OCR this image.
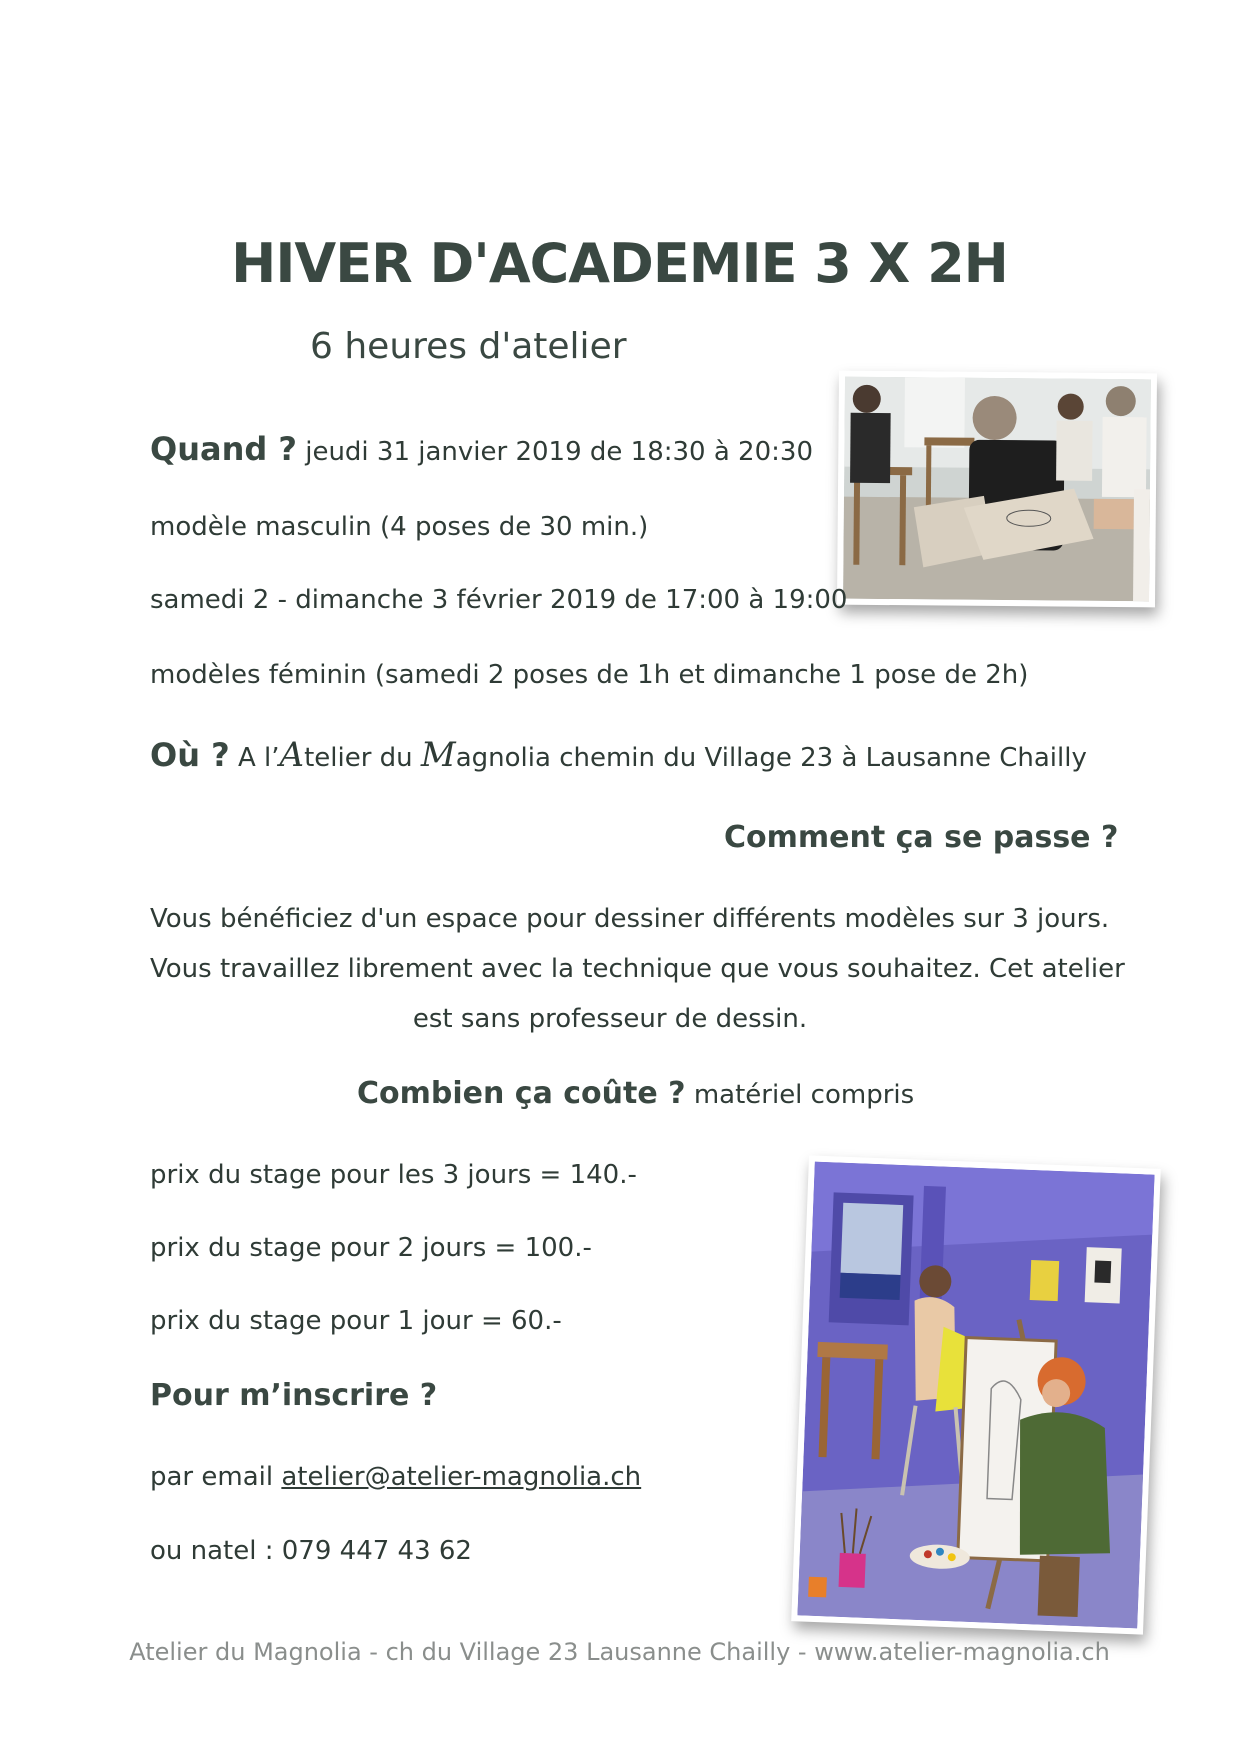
HIVER D'ACADEMIE 3 X 2H
6 heures d'atelier
Quand ? jeudi 31 janvier 2019 de 18:30 à 20:30
modèle masculin (4 poses de 30 min.)
samedi 2 - dimanche 3 février 2019 de 17:00 à 19:00
modèles féminin (samedi 2 poses de 1h et dimanche 1 pose de 2h)
Où ? A l’Atelier du Magnolia chemin du Village 23 à Lausanne Chailly
Comment ça se passe ?
Vous bénéficiez d'un espace pour dessiner différents modèles sur 3 jours.
Vous travaillez librement avec la technique que vous souhaitez. Cet atelier
est sans professeur de dessin.
Combien ça coûte ? matériel compris
prix du stage pour les 3 jours = 140.-
prix du stage pour 2 jours = 100.-
prix du stage pour 1 jour = 60.-
Pour m’inscrire ?
par email atelier@atelier-magnolia.ch
ou natel : 079 447 43 62
Atelier du Magnolia - ch du Village 23 Lausanne Chailly - www.atelier-magnolia.ch
